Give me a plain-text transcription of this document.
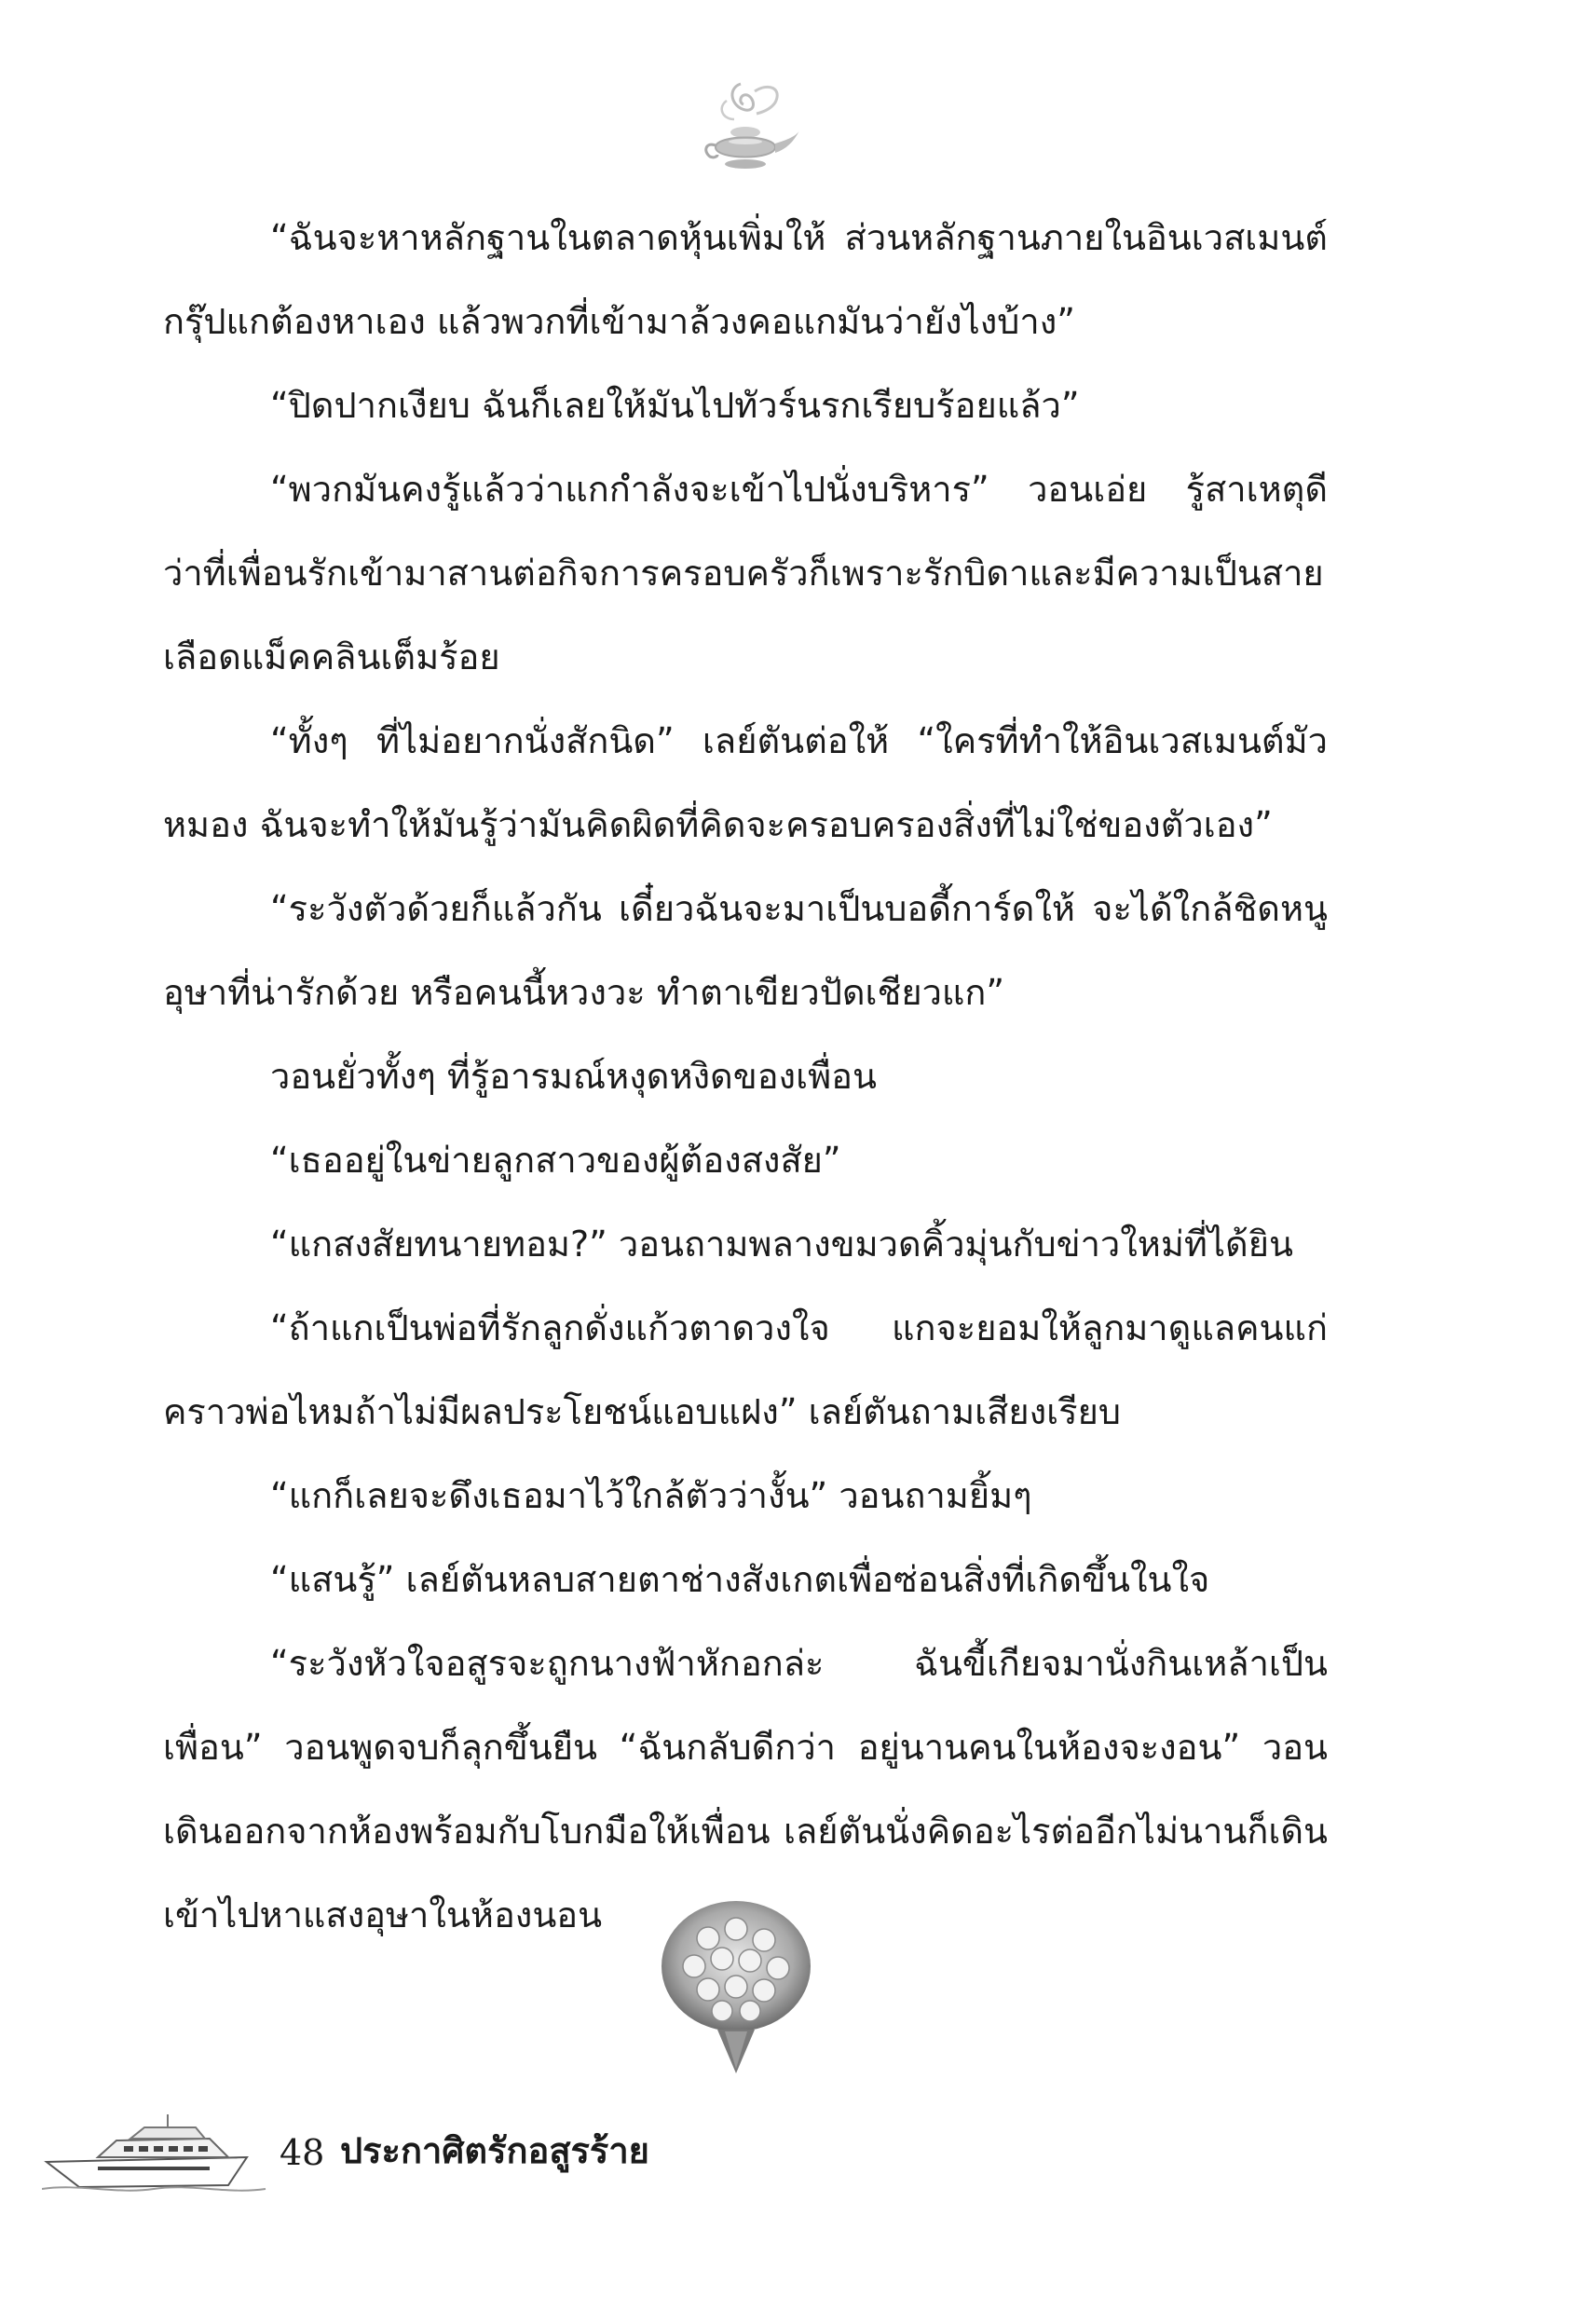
“ฉันจะหาหลักฐานในตลาดหุ้นเพิ่มให้ ส่วนหลักฐานภายในอินเวสเมนต์กรุ๊ปแกต้องหาเอง แล้วพวกที่เข้ามาล้วงคอแกมันว่ายังไงบ้าง”

“ปิดปากเงียบ ฉันก็เลยให้มันไปทัวร์นรกเรียบร้อยแล้ว”

“พวกมันคงรู้แล้วว่าแกกำลังจะเข้าไปนั่งบริหาร” วอนเอ่ย รู้สาเหตุดีว่าที่เพื่อนรักเข้ามาสานต่อกิจการครอบครัวก็เพราะรักบิดาและมีความเป็นสายเลือดแม็คคลินเต็มร้อย

“ทั้งๆ ที่ไม่อยากนั่งสักนิด” เลย์ตันต่อให้ “ใครที่ทำให้อินเวสเมนต์มัวหมอง ฉันจะทำให้มันรู้ว่ามันคิดผิดที่คิดจะครอบครองสิ่งที่ไม่ใช่ของตัวเอง”

“ระวังตัวด้วยก็แล้วกัน เดี๋ยวฉันจะมาเป็นบอดี้การ์ดให้ จะได้ใกล้ชิดหนูอุษาที่น่ารักด้วย หรือคนนี้หวงวะ ทำตาเขียวปัดเชียวแก”

วอนยั่วทั้งๆ ที่รู้อารมณ์หงุดหงิดของเพื่อน

“เธออยู่ในข่ายลูกสาวของผู้ต้องสงสัย”

“แกสงสัยทนายทอม?” วอนถามพลางขมวดคิ้วมุ่นกับข่าวใหม่ที่ได้ยิน

“ถ้าแกเป็นพ่อที่รักลูกดั่งแก้วตาดวงใจ แกจะยอมให้ลูกมาดูแลคนแก่คราวพ่อไหมถ้าไม่มีผลประโยชน์แอบแฝง” เลย์ตันถามเสียงเรียบ

“แกก็เลยจะดึงเธอมาไว้ใกล้ตัวว่างั้น” วอนถามยิ้มๆ

“แสนรู้” เลย์ตันหลบสายตาช่างสังเกตเพื่อซ่อนสิ่งที่เกิดขึ้นในใจ

“ระวังหัวใจอสูรจะถูกนางฟ้าหักอกล่ะ ฉันขี้เกียจมานั่งกินเหล้าเป็นเพื่อน” วอนพูดจบก็ลุกขึ้นยืน “ฉันกลับดีกว่า อยู่นานคนในห้องจะงอน” วอนเดินออกจากห้องพร้อมกับโบกมือให้เพื่อน เลย์ตันนั่งคิดอะไรต่ออีกไม่นานก็เดินเข้าไปหาแสงอุษาในห้องนอน

48 ประกาศิตรักอสูรร้าย
